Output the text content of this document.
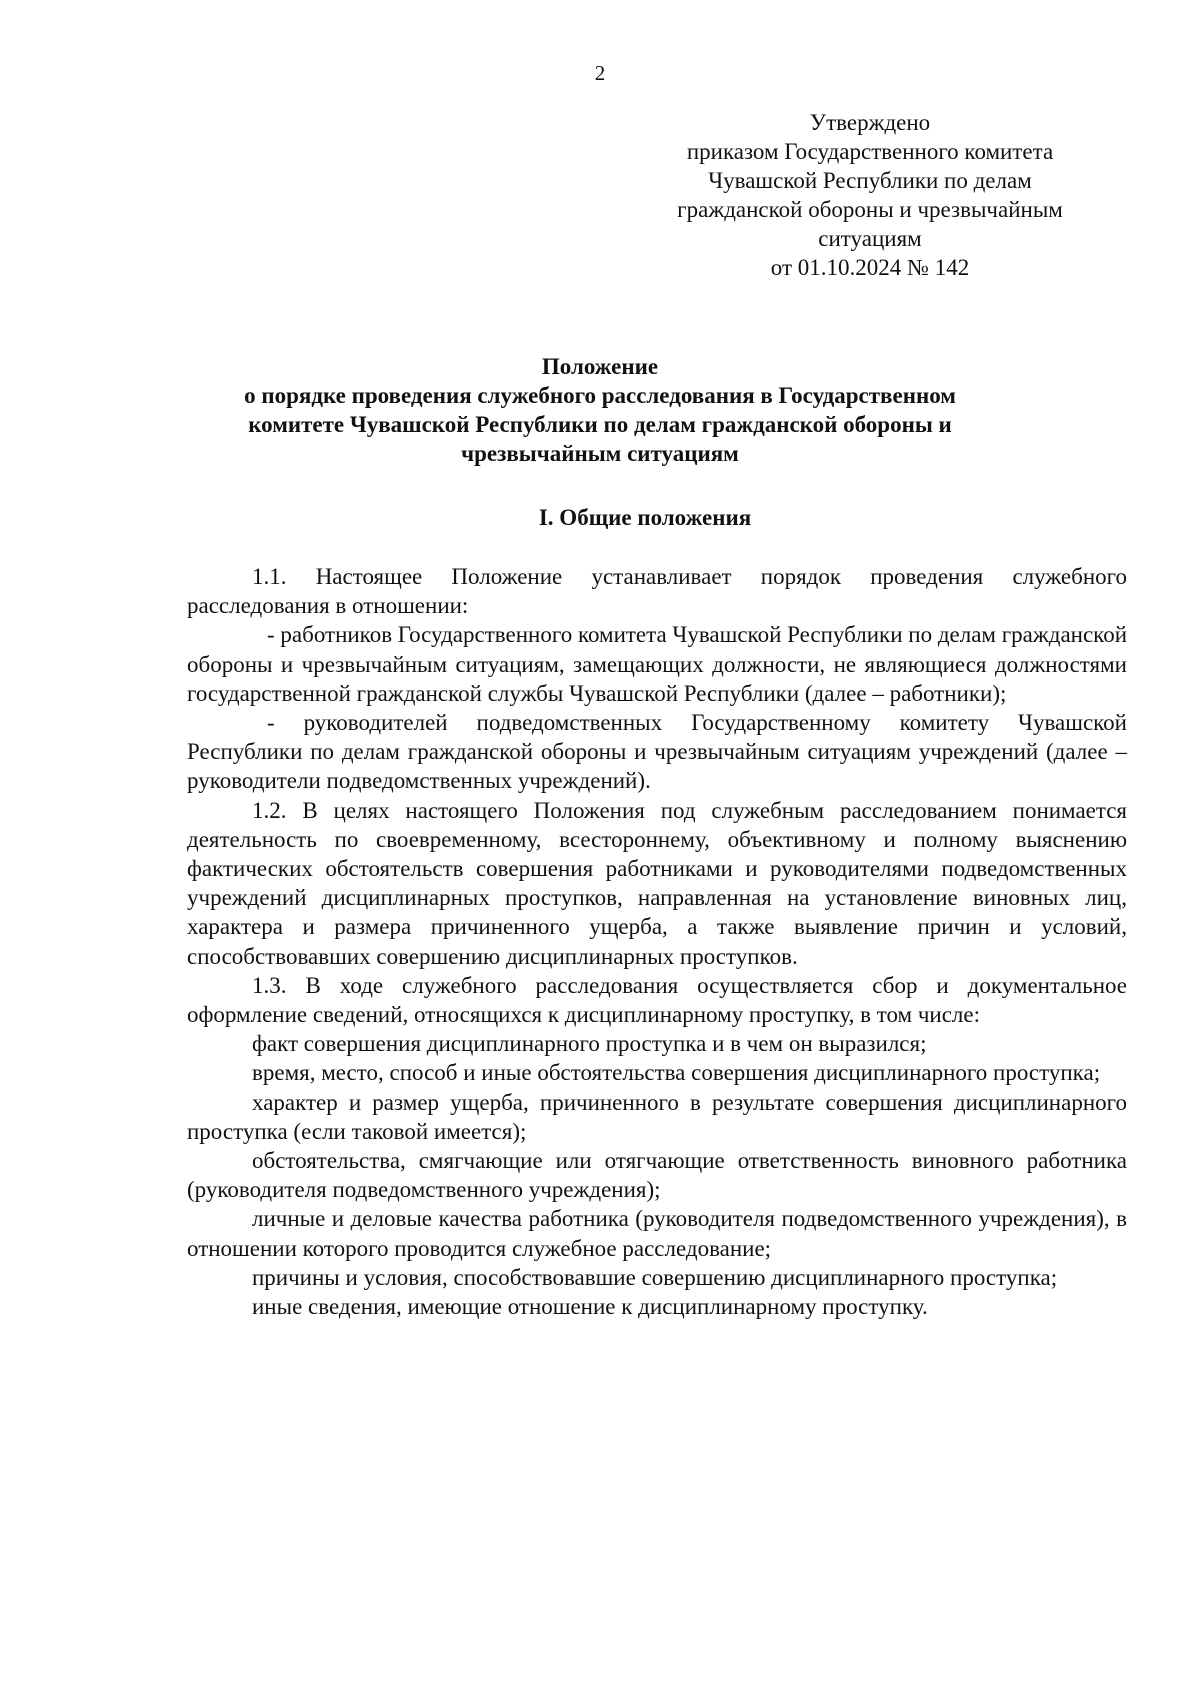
2
Утверждено
приказом Государственного комитета
Чувашской Республики по делам
гражданской обороны и чрезвычайным
ситуациям
от 01.10.2024 № 142
Положение
о порядке проведения служебного расследования в Государственном
комитете Чувашской Республики по делам гражданской обороны и
чрезвычайным ситуациям
I. Общие положения

1.1. Настоящее Положение устанавливает порядок проведения служебного расследования в отношении:

- работников Государственного комитета Чувашской Республики по делам гражданской обороны и чрезвычайным ситуациям, замещающих должности, не являющиеся должностями государственной гражданской службы Чувашской Республики (далее – работники);

- руководителей подведомственных Государственному комитету Чувашской Республики по делам гражданской обороны и чрезвычайным ситуациям учреждений (далее – руководители подведомственных учреждений).

1.2. В целях настоящего Положения под служебным расследованием понимается деятельность по своевременному, всестороннему, объективному и полному выяснению фактических обстоятельств совершения работниками и руководителями подведомственных учреждений дисциплинарных проступков, направленная на установление виновных лиц, характера и размера причиненного ущерба, а также выявление причин и условий, способствовавших совершению дисциплинарных проступков.

1.3. В ходе служебного расследования осуществляется сбор и документальное оформление сведений, относящихся к дисциплинарному проступку, в том числе:

факт совершения дисциплинарного проступка и в чем он выразился;

время, место, способ и иные обстоятельства совершения дисциплинарного проступка;

характер и размер ущерба, причиненного в результате совершения дисциплинарного проступка (если таковой имеется);

обстоятельства, смягчающие или отягчающие ответственность виновного работника (руководителя подведомственного учреждения);

личные и деловые качества работника (руководителя подведомственного учреждения), в отношении которого проводится служебное расследование;

причины и условия, способствовавшие совершению дисциплинарного проступка;

иные сведения, имеющие отношение к дисциплинарному проступку.
